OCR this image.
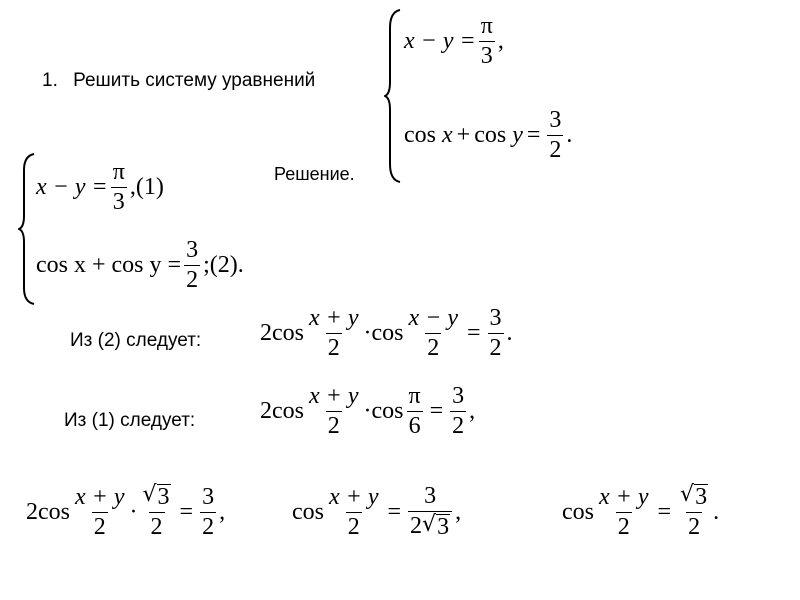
1. Решить систему уравнений
$x - y = \frac{\pi}{3}$ ,
$\cos x + \cos y = \frac{3}{2}$ .
$x - y = \frac{\pi}{3} ,(1)$
Решение.
$\cos x + \cos y = \frac{3}{2}$ ;(2).
Из (2) следует: $2\cos \frac{x + y}{2} \cdot \cos \frac{x - y}{2} = \frac{3}{2}$ .
Из (1) следует:	$2\cos \frac{x + y}{2} \cdot \cos \frac{\pi}{6} = \frac{3}{2}$ ,
$2\cos \frac{x + y}{2} \cdot \frac{√ 3}{2} = \frac{3}{2}$ ,	$\cos \frac{x + y}{2} = \frac{3}{2 √ 3}$ ,	$\cos \frac{x + y}{2} = \frac{√ 3}{2}$ .
